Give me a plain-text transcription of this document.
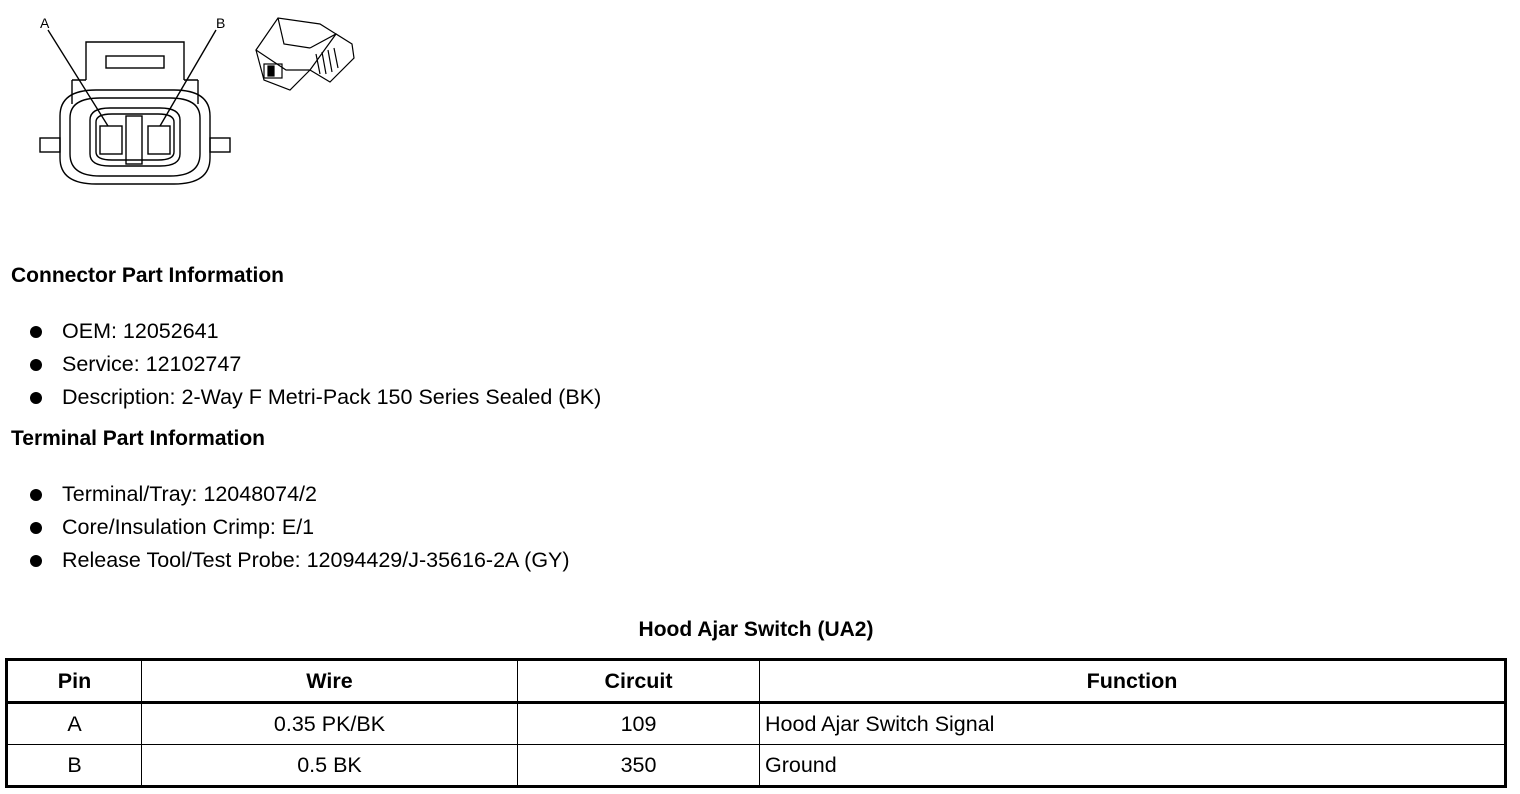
A	B
Connector Part Information
OEM: 12052641
Service: 12102747
Description: 2-Way F Metri-Pack 150 Series Sealed (BK)
Terminal Part Information
Terminal/Tray: 12048074/2
Core/Insulation Crimp: E/1
Release Tool/Test Probe: 12094429/J-35616-2A (GY)
Hood Ajar Switch (UA2)
Pin	Wire	Circuit	Function
A	0.35 PK/BK	109	Hood Ajar Switch Signal
B	0.5 BK	350	Ground
